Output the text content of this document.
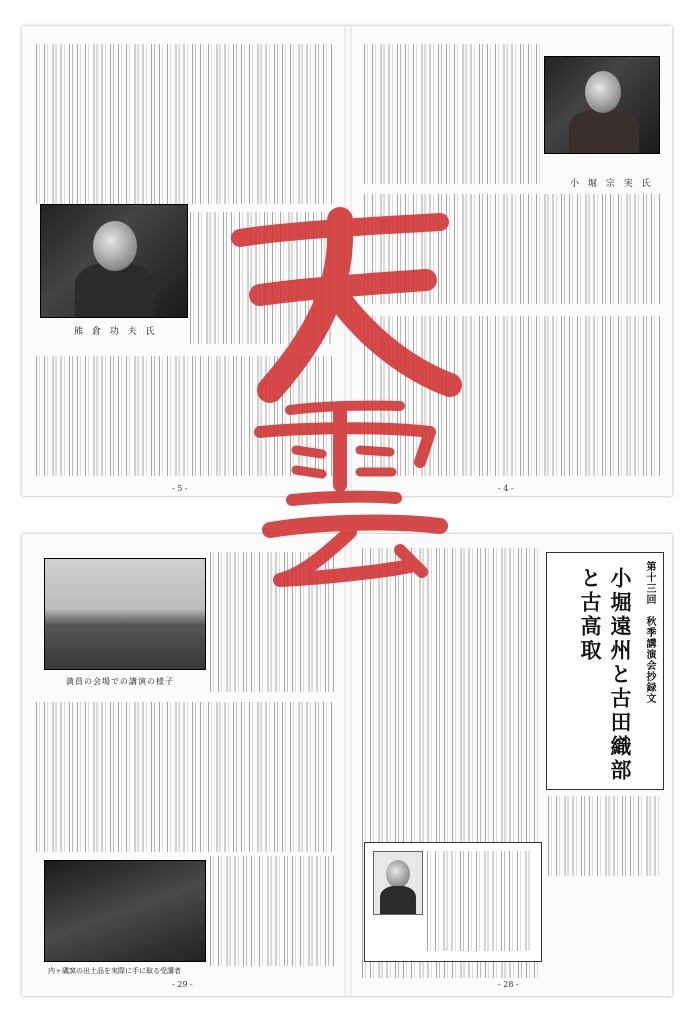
熊 倉 功 夫 氏
小 堀 宗 実 氏
- 5 -	- 4 -
満員の会場での講演の様子
内ヶ磯窯の出土品を実際に手に取る受講者
第十三回　秋季講演会抄録文
小堀遠州と古田織部と古高取
- 29 -	- 28 -
